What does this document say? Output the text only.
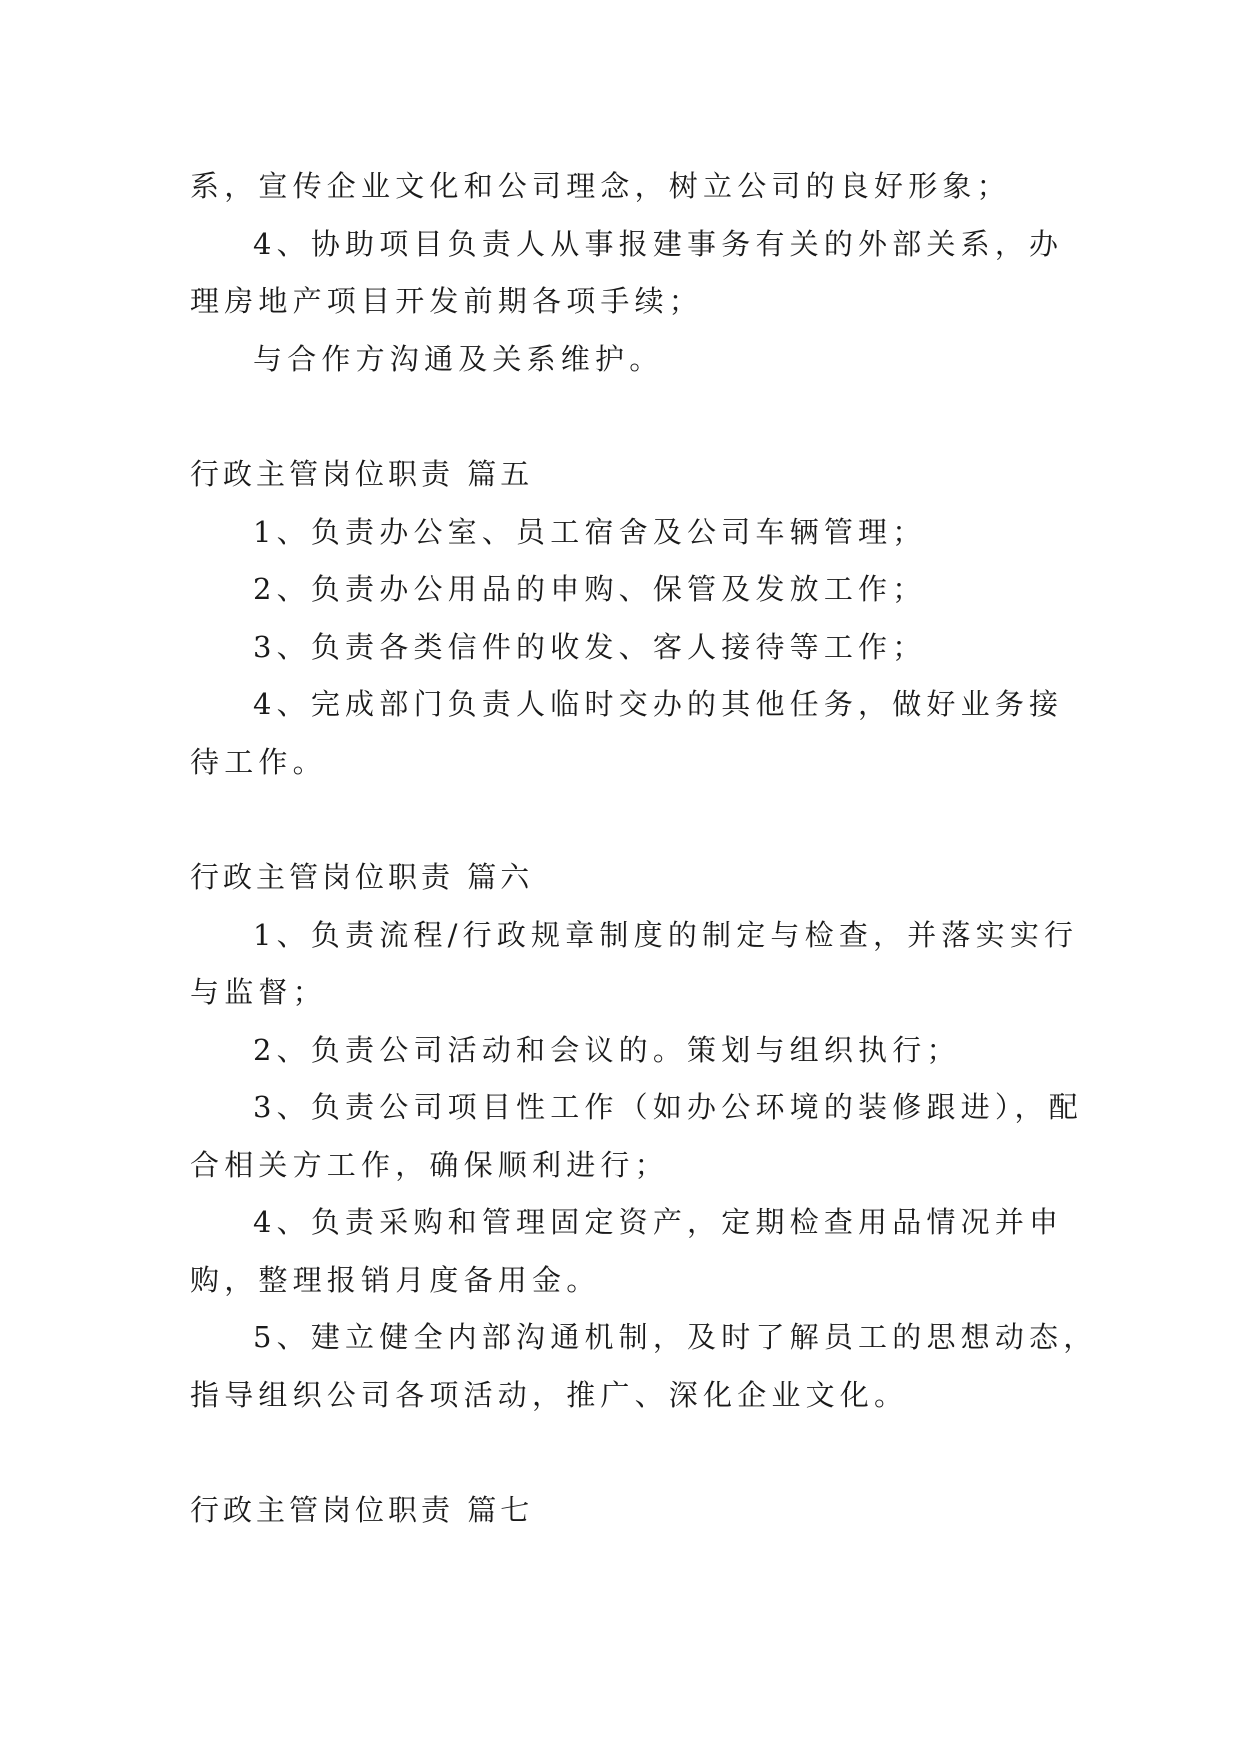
系，宣传企业文化和公司理念，树立公司的良好形象；
4、协助项目负责人从事报建事务有关的外部关系，办
理房地产项目开发前期各项手续；
与合作方沟通及关系维护。
行政主管岗位职责 篇五
1、负责办公室、员工宿舍及公司车辆管理；
2、负责办公用品的申购、保管及发放工作；
3、负责各类信件的收发、客人接待等工作；
4、完成部门负责人临时交办的其他任务，做好业务接
待工作。
行政主管岗位职责 篇六
1、负责流程/行政规章制度的制定与检查，并落实实行
与监督；
2、负责公司活动和会议的。策划与组织执行；
3、负责公司项目性工作（如办公环境的装修跟进），配
合相关方工作，确保顺利进行；
4、负责采购和管理固定资产，定期检查用品情况并申
购，整理报销月度备用金。
5、建立健全内部沟通机制，及时了解员工的思想动态，
指导组织公司各项活动，推广、深化企业文化。
行政主管岗位职责 篇七
